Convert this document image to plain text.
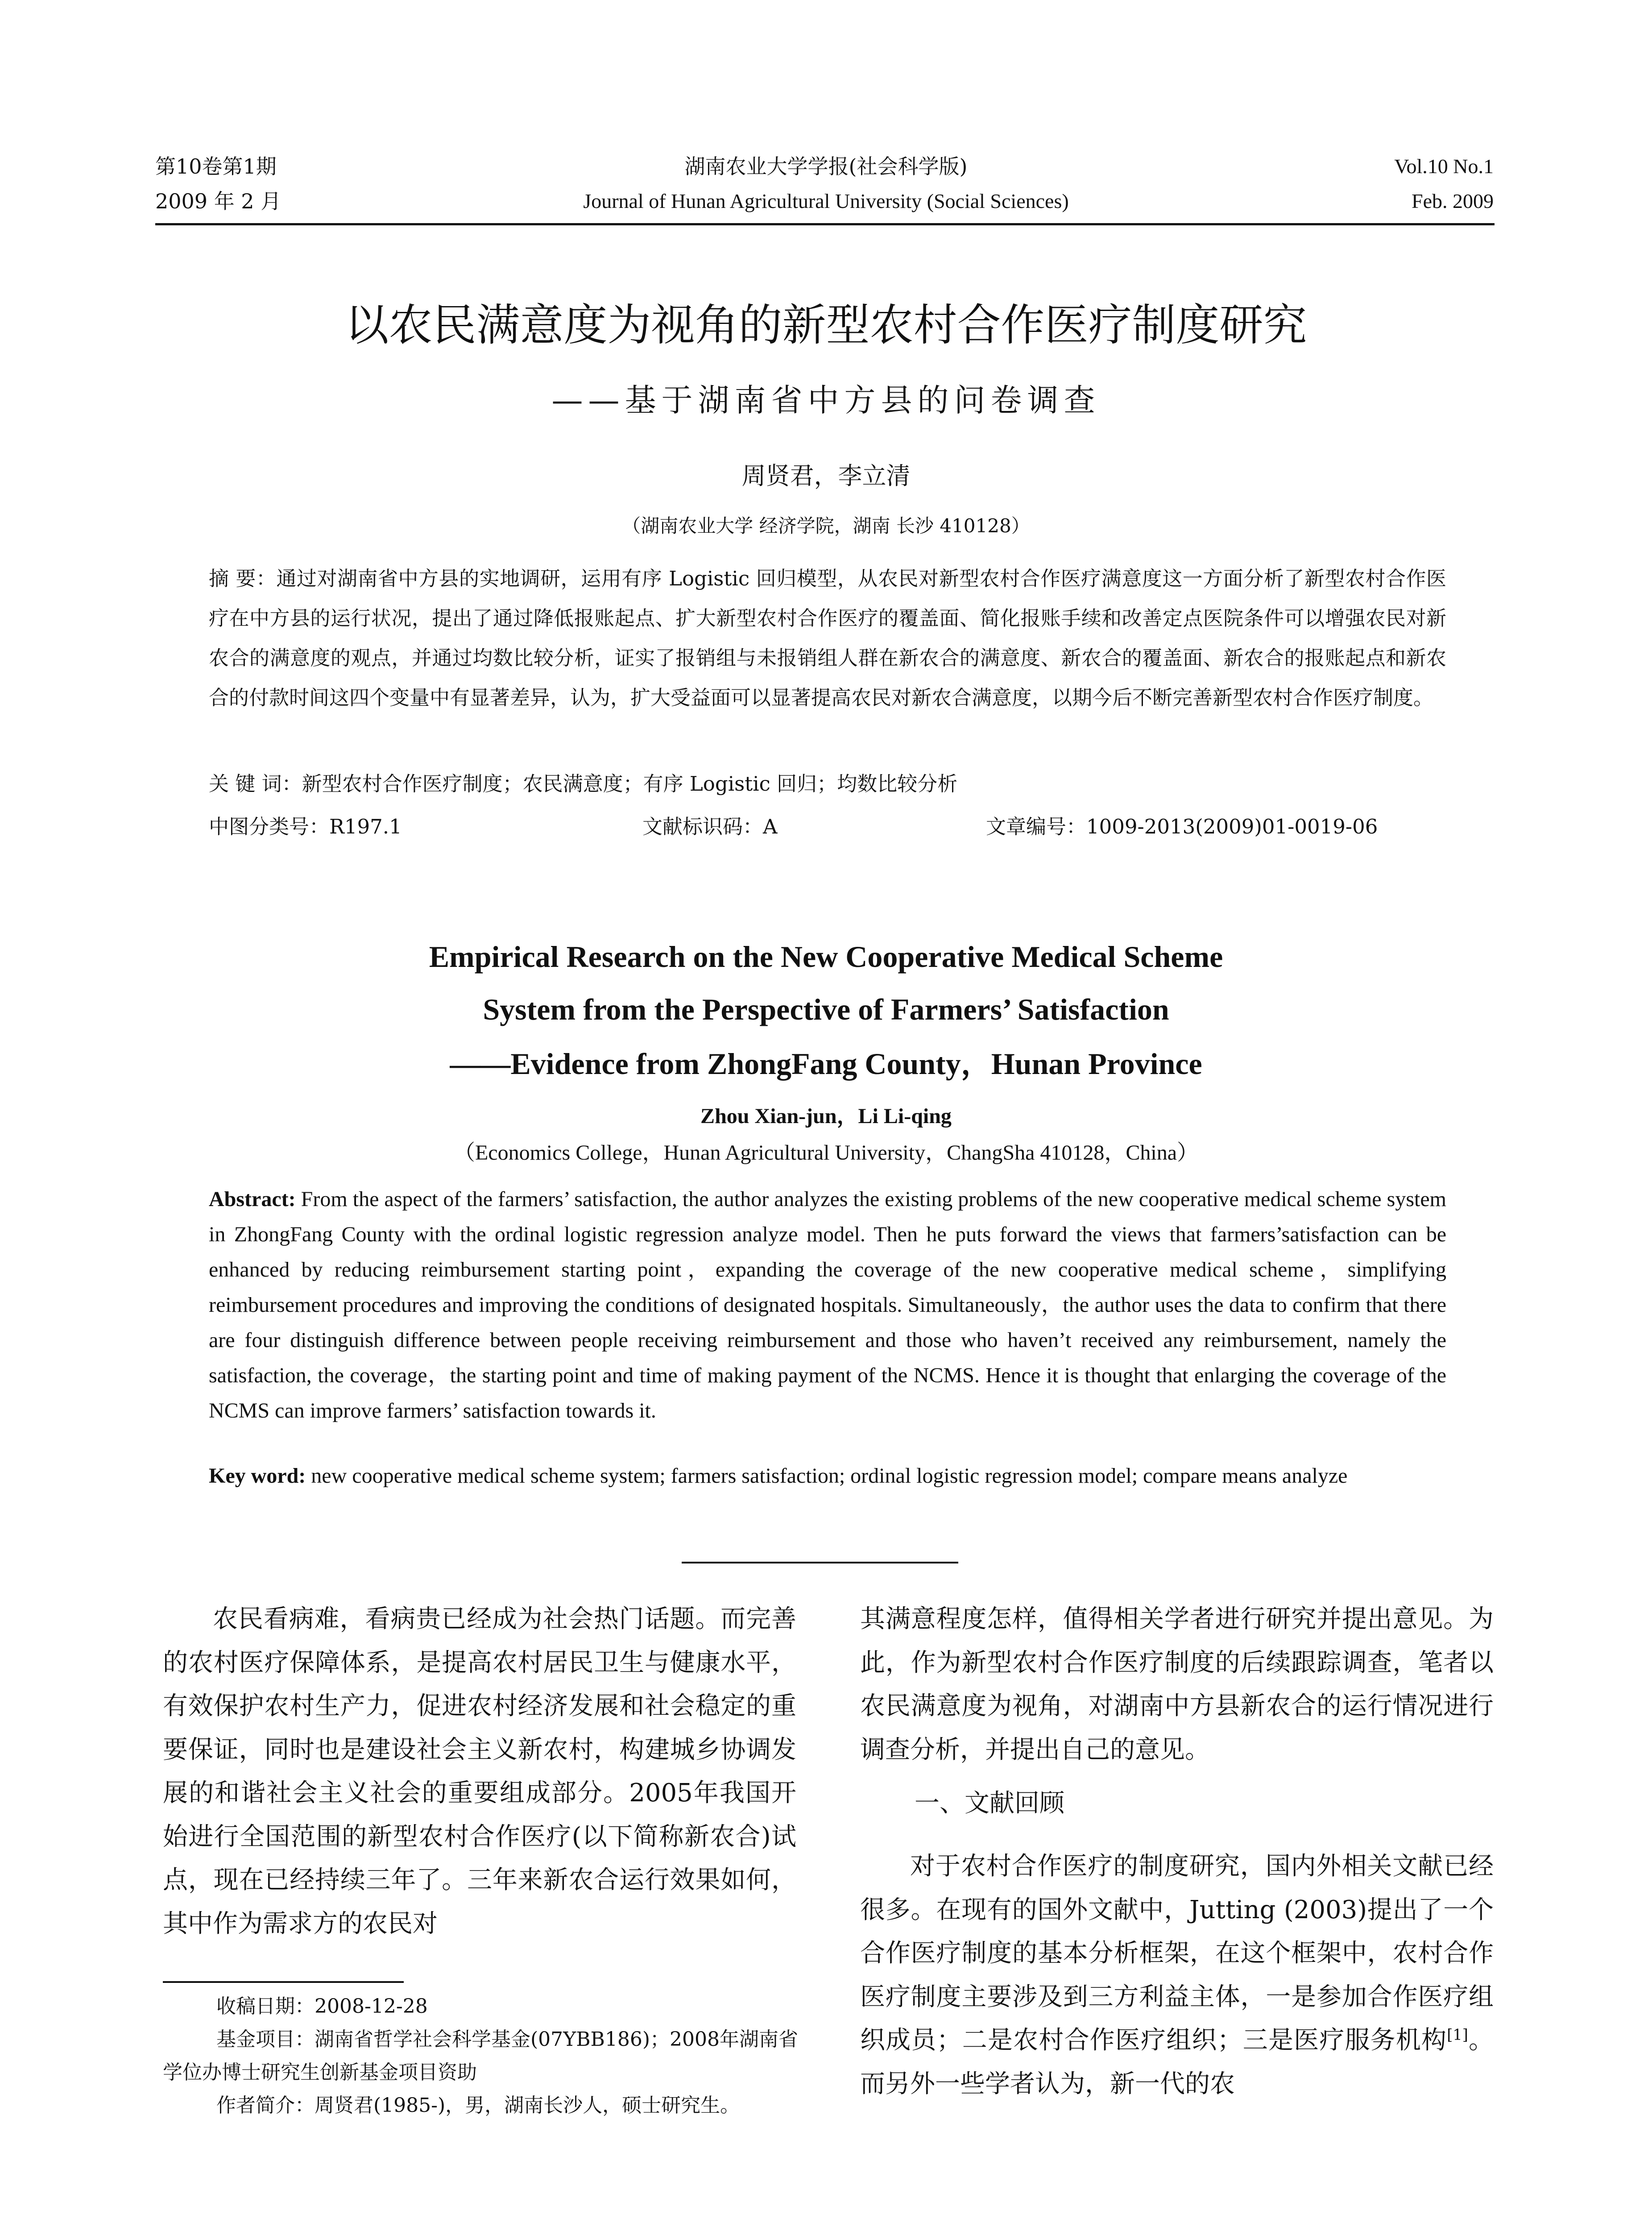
第10卷第1期
2009 年 2 月
湖南农业大学学报(社会科学版)
Journal of Hunan Agricultural University (Social Sciences)
Vol.10 No.1
Feb. 2009
以农民满意度为视角的新型农村合作医疗制度研究
——基于湖南省中方县的问卷调查
周贤君，李立清
（湖南农业大学 经济学院，湖南 长沙 410128）

摘 要：通过对湖南省中方县的实地调研，运用有序 Logistic 回归模型，从农民对新型农村合作医疗满意度这一方面分析了新型农村合作医疗在中方县的运行状况，提出了通过降低报账起点、扩大新型农村合作医疗的覆盖面、简化报账手续和改善定点医院条件可以增强农民对新农合的满意度的观点，并通过均数比较分析，证实了报销组与未报销组人群在新农合的满意度、新农合的覆盖面、新农合的报账起点和新农合的付款时间这四个变量中有显著差异，认为，扩大受益面可以显著提高农民对新农合满意度，以期今后不断完善新型农村合作医疗制度。

关 键 词：新型农村合作医疗制度；农民满意度；有序 Logistic 回归；均数比较分析

中图分类号：R197.1	文献标识码：A	文章编号：1009-2013(2009)01-0019-06
Empirical Research on the New Cooperative Medical Scheme
System from the Perspective of Farmers’ Satisfaction
——Evidence from ZhongFang County，Hunan Province
Zhou Xian-jun，Li Li-qing
（Economics College，Hunan Agricultural University，ChangSha 410128，China）

Abstract: From the aspect of the farmers’ satisfaction, the author analyzes the existing problems of the new cooperative medical scheme system in ZhongFang County with the ordinal logistic regression analyze model. Then he puts forward the views that farmers’satisfaction can be enhanced by reducing reimbursement starting point，expanding the coverage of the new cooperative medical scheme，simplifying reimbursement procedures and improving the conditions of designated hospitals. Simultaneously，the author uses the data to confirm that there are four distinguish difference between people receiving reimbursement and those who haven’t received any reimbursement, namely the satisfaction, the coverage，the starting point and time of making payment of the NCMS. Hence it is thought that enlarging the coverage of the NCMS can improve farmers’ satisfaction towards it.

Key word: new cooperative medical scheme system; farmers satisfaction; ordinal logistic regression model; compare means analyze

农民看病难，看病贵已经成为社会热门话题。而完善的农村医疗保障体系，是提高农村居民卫生与健康水平，有效保护农村生产力，促进农村经济发展和社会稳定的重要保证，同时也是建设社会主义新农村，构建城乡协调发展的和谐社会主义社会的重要组成部分。2005年我国开始进行全国范围的新型农村合作医疗(以下简称新农合)试点，现在已经持续三年了。三年来新农合运行效果如何，其中作为需求方的农民对

收稿日期：2008-12-28

基金项目：湖南省哲学社会科学基金(07YBB186)；2008年湖南省学位办博士研究生创新基金项目资助

作者简介：周贤君(1985-)，男，湖南长沙人，硕士研究生。

其满意程度怎样，值得相关学者进行研究并提出意见。为此，作为新型农村合作医疗制度的后续跟踪调查，笔者以农民满意度为视角，对湖南中方县新农合的运行情况进行调查分析，并提出自己的意见。

一、文献回顾

对于农村合作医疗的制度研究，国内外相关文献已经很多。在现有的国外文献中，Jutting (2003)提出了一个合作医疗制度的基本分析框架，在这个框架中，农村合作医疗制度主要涉及到三方利益主体，一是参加合作医疗组织成员；二是农村合作医疗组织；三是医疗服务机构[1]。而另外一些学者认为，新一代的农
